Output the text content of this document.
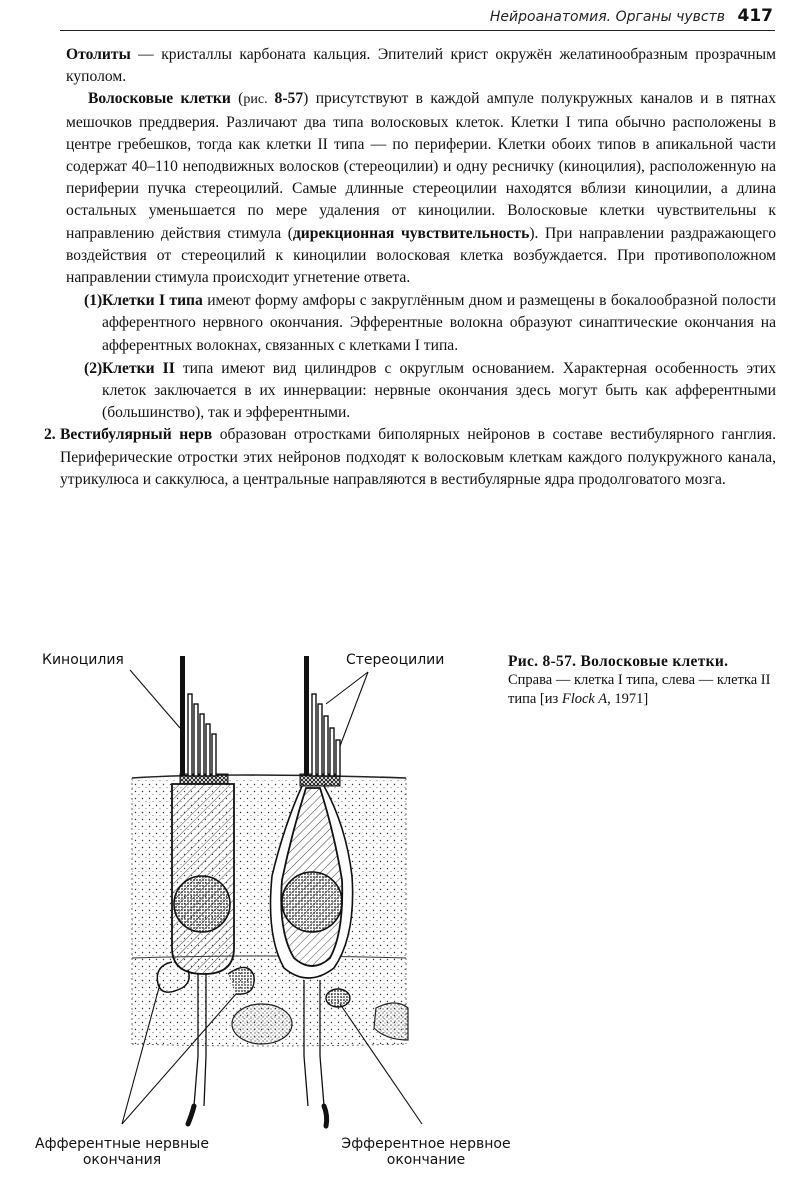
Нейроанатомия. Органы чувств 417

Отолиты — кристаллы карбоната кальция. Эпителий крист окружён желатинообразным прозрачным куполом.

Волосковые клетки (рис. 8-57) присутствуют в каждой ампуле полукружных каналов и в пятнах мешочков преддверия. Различают два типа волосковых клеток. Клетки I типа обычно расположены в центре гребешков, тогда как клетки II типа — по периферии. Клетки обоих типов в апикальной части содержат 40–110 неподвижных волосков (стереоцилии) и одну ресничку (киноцилия), расположенную на периферии пучка стереоцилий. Самые длинные стереоцилии находятся вблизи киноцилии, а длина остальных уменьшается по мере удаления от киноцилии. Волосковые клетки чувствительны к направлению действия стимула (дирекционная чувствительность). При направлении раздражающего воздействия от стереоцилий к киноцилии волосковая клетка возбуждается. При противоположном направлении стимула происходит угнетение ответа.

(1) Клетки I типа имеют форму амфоры с закруглённым дном и размещены в бокалообразной полости афферентного нервного окончания. Эфферентные волокна образуют синаптические окончания на афферентных волокнах, связанных с клетками I типа.

(2) Клетки II типа имеют вид цилиндров с округлым основанием. Характерная особенность этих клеток заключается в их иннервации: нервные окончания здесь могут быть как афферентными (большинство), так и эфферентными.

2. Вестибулярный нерв образован отростками биполярных нейронов в составе вестибулярного ганглия. Периферические отростки этих нейронов подходят к волосковым клеткам каждого полукружного канала, утрикулюса и саккулюса, а центральные направляются в вестибулярные ядра продолговатого мозга.

Киноцилия	Стереоцилии
Афферентные нервные
окончания
Эфферентное нервное
окончание
Рис. 8-57. Волосковые клетки.
Справа — клетка I типа, слева — клетка II типа [из Flock A, 1971]
